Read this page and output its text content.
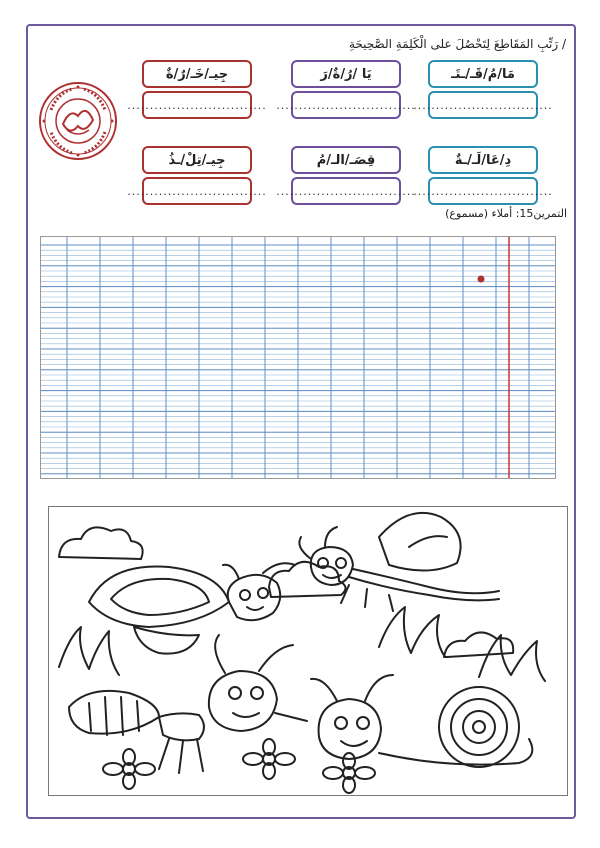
/ رَتِّبِ المَقَاطِعَ لِتَحْصُلَ على الْكَلِمَةِ الصَّحِيحَةِ
مَا/مُ/قَـ/ـتَـ
...............................
يَا /رُ/ةٌ/رَ
...............................
جِيـ/خَـ/رٌ/ةٌ
...............................
دِ/عَا/لَـ/ـةٌ
...............................
قِصَـ/الـ/مُ
...............................
جِيـ/تِلْ/ـذُ
...............................
التمرين15: أملاء (مسموع)
